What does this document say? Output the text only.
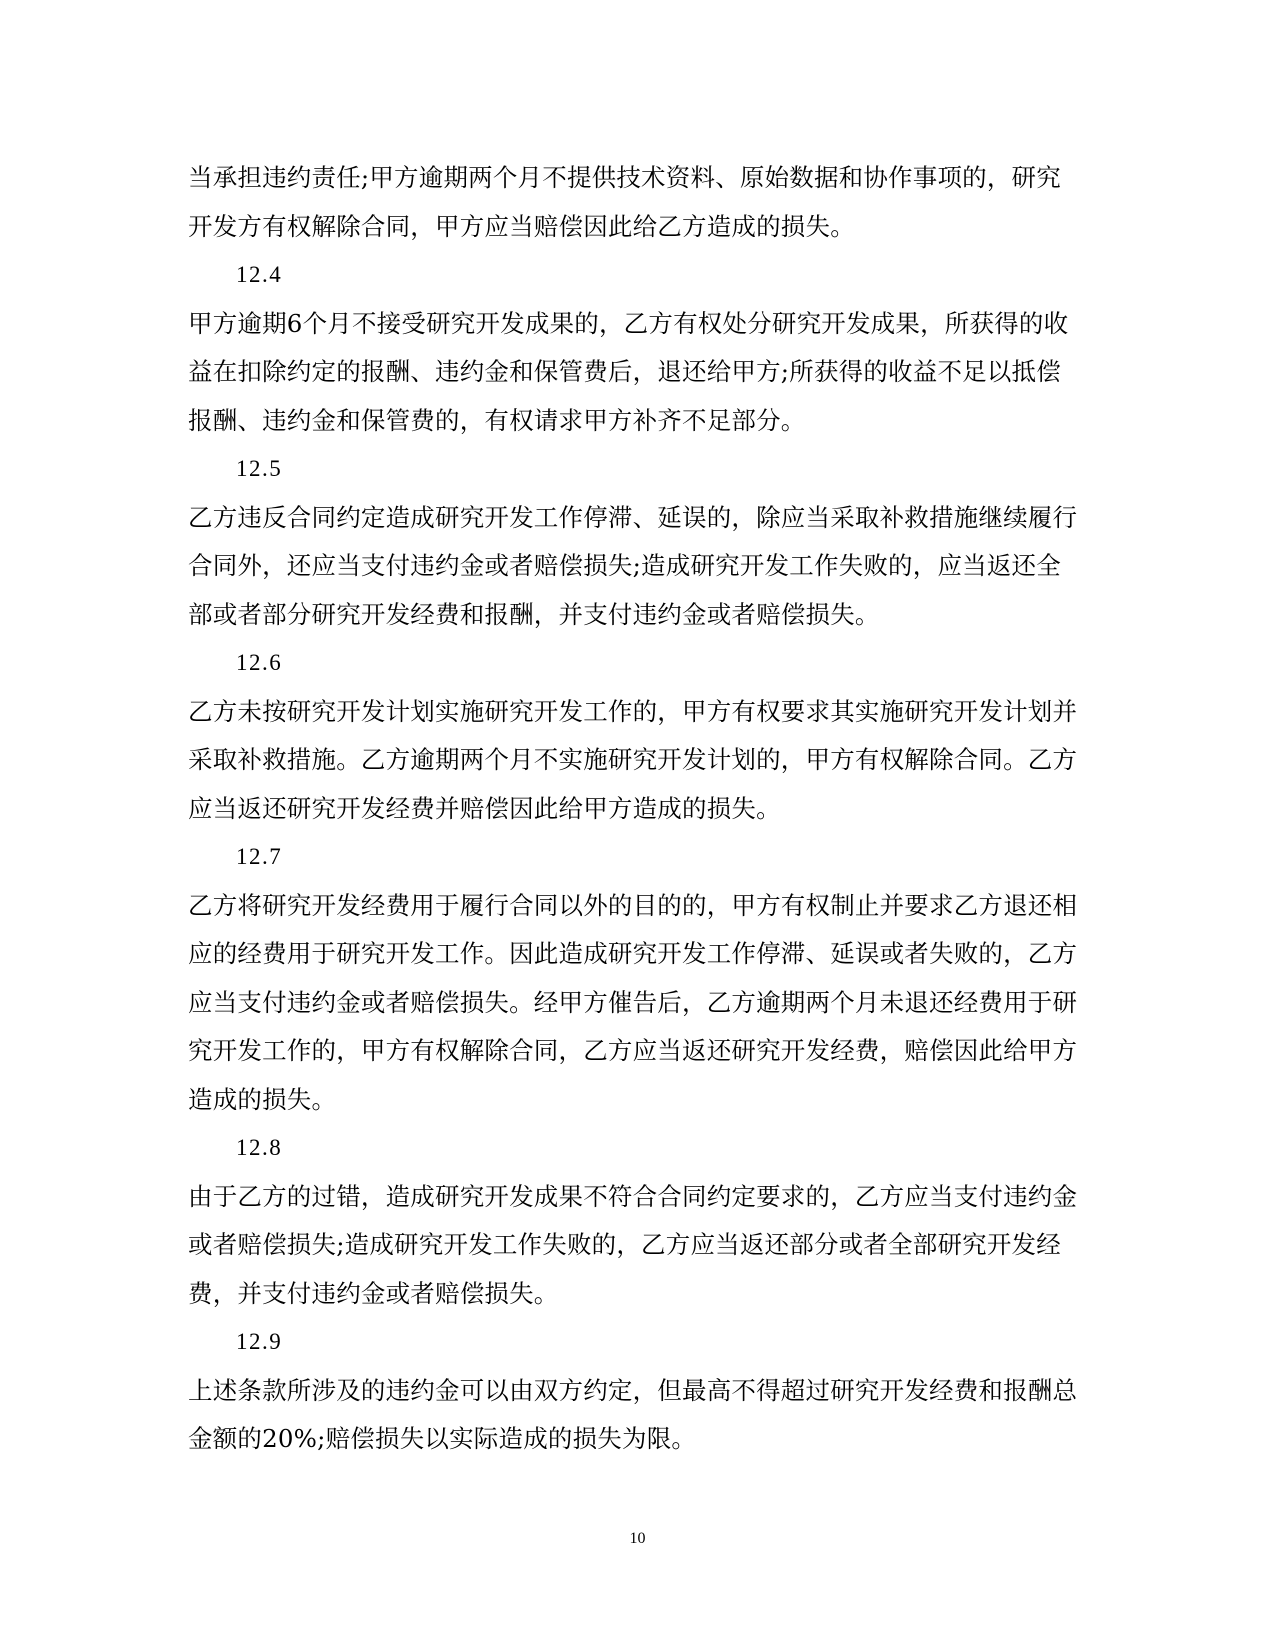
当承担违约责任;甲方逾期两个月不提供技术资料、原始数据和协作事项的，研究
开发方有权解除合同，甲方应当赔偿因此给乙方造成的损失。
12.4
甲方逾期6个月不接受研究开发成果的，乙方有权处分研究开发成果，所获得的收
益在扣除约定的报酬、违约金和保管费后，退还给甲方;所获得的收益不足以抵偿
报酬、违约金和保管费的，有权请求甲方补齐不足部分。
12.5
乙方违反合同约定造成研究开发工作停滞、延误的，除应当采取补救措施继续履行
合同外，还应当支付违约金或者赔偿损失;造成研究开发工作失败的，应当返还全
部或者部分研究开发经费和报酬，并支付违约金或者赔偿损失。
12.6
乙方未按研究开发计划实施研究开发工作的，甲方有权要求其实施研究开发计划并
采取补救措施。乙方逾期两个月不实施研究开发计划的，甲方有权解除合同。乙方
应当返还研究开发经费并赔偿因此给甲方造成的损失。
12.7
乙方将研究开发经费用于履行合同以外的目的的，甲方有权制止并要求乙方退还相
应的经费用于研究开发工作。因此造成研究开发工作停滞、延误或者失败的，乙方
应当支付违约金或者赔偿损失。经甲方催告后，乙方逾期两个月未退还经费用于研
究开发工作的，甲方有权解除合同，乙方应当返还研究开发经费，赔偿因此给甲方
造成的损失。
12.8
由于乙方的过错，造成研究开发成果不符合合同约定要求的，乙方应当支付违约金
或者赔偿损失;造成研究开发工作失败的，乙方应当返还部分或者全部研究开发经
费，并支付违约金或者赔偿损失。
12.9
上述条款所涉及的违约金可以由双方约定，但最高不得超过研究开发经费和报酬总
金额的20%;赔偿损失以实际造成的损失为限。
10
